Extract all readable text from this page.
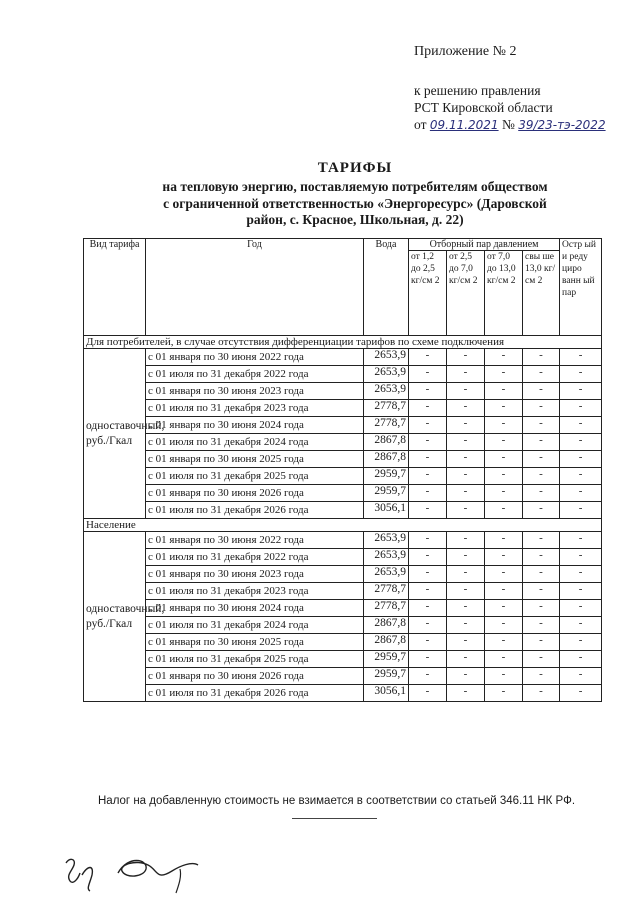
Приложение № 2
к решению правления
РСТ Кировской области
от 09.11.2021 № 39/23-тэ-2022
ТАРИФЫ
на тепловую энергию, поставляемую потребителям обществом
с ограниченной ответственностью «Энергоресурс» (Даровской
район, с. Красное, Школьная, д. 22)
Вид тарифа	Год	Вода	Отборный пар давлением				Остр ый и реду циро ванн ый пар
			от 1,2 до 2,5 кг/см 2	от 2,5 до 7,0 кг/см 2	от 7,0 до 13,0 кг/см 2	свы ше 13,0 кг/см 2	
Для потребителей, в случае отсутствия дифференциации тарифов по схеме подключения							
одноставочный, руб./Гкал	с 01 января по 30 июня 2022 года	2653,9	-	-	-	-	-
	с 01 июля по 31 декабря 2022 года	2653,9	-	-	-	-	-
	с 01 января по 30 июня 2023 года	2653,9	-	-	-	-	-
	с 01 июля по 31 декабря 2023 года	2778,7	-	-	-	-	-
	с 01 января по 30 июня 2024 года	2778,7	-	-	-	-	-
	с 01 июля по 31 декабря 2024 года	2867,8	-	-	-	-	-
	с 01 января по 30 июня 2025 года	2867,8	-	-	-	-	-
	с 01 июля по 31 декабря 2025 года	2959,7	-	-	-	-	-
	с 01 января по 30 июня 2026 года	2959,7	-	-	-	-	-
	с 01 июля по 31 декабря 2026 года	3056,1	-	-	-	-	-
Население							
одноставочный, руб./Гкал	с 01 января по 30 июня 2022 года	2653,9	-	-	-	-	-
	с 01 июля по 31 декабря 2022 года	2653,9	-	-	-	-	-
	с 01 января по 30 июня 2023 года	2653,9	-	-	-	-	-
	с 01 июля по 31 декабря 2023 года	2778,7	-	-	-	-	-
	с 01 января по 30 июня 2024 года	2778,7	-	-	-	-	-
	с 01 июля по 31 декабря 2024 года	2867,8	-	-	-	-	-
	с 01 января по 30 июня 2025 года	2867,8	-	-	-	-	-
	с 01 июля по 31 декабря 2025 года	2959,7	-	-	-	-	-
	с 01 января по 30 июня 2026 года	2959,7	-	-	-	-	-
	с 01 июля по 31 декабря 2026 года	3056,1	-	-	-	-	-
Налог на добавленную стоимость не взимается в соответствии со статьей 346.11 НК РФ.
